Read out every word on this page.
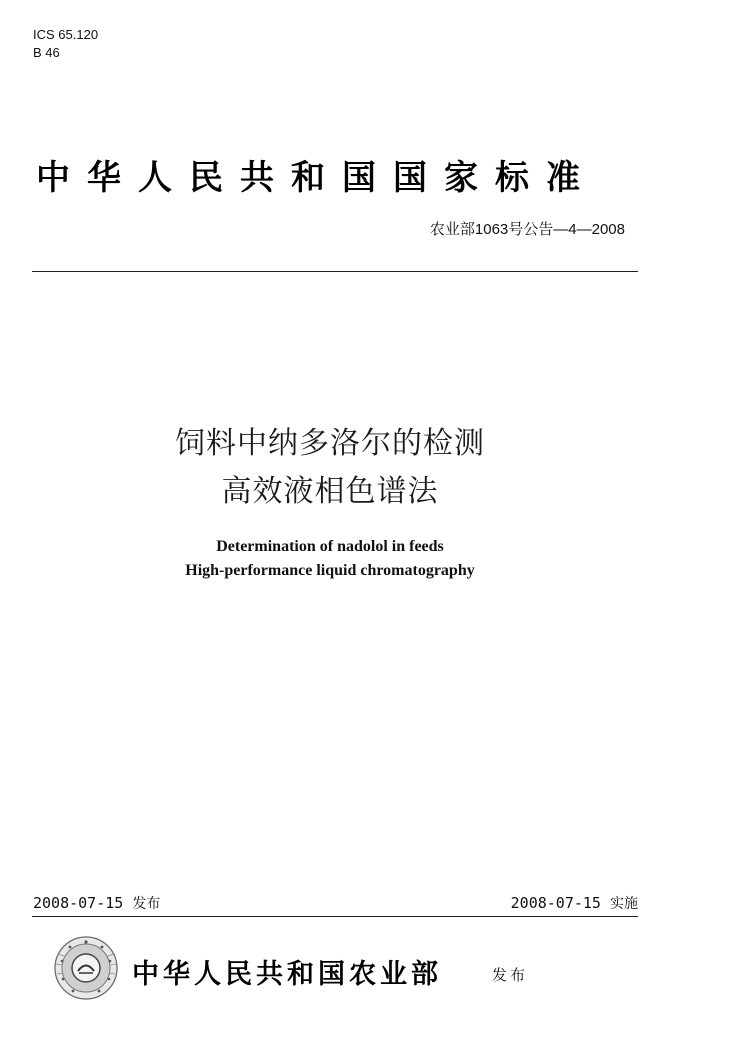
ICS 65.120
B 46
中华人民共和国国家标准
农业部1063号公告—4—2008
饲料中纳多洛尔的检测
高效液相色谱法
Determination of nadolol in feeds
High-performance liquid chromatography
2008-07-15 发布	2008-07-15 实施
中华人民共和国农业部	发布
